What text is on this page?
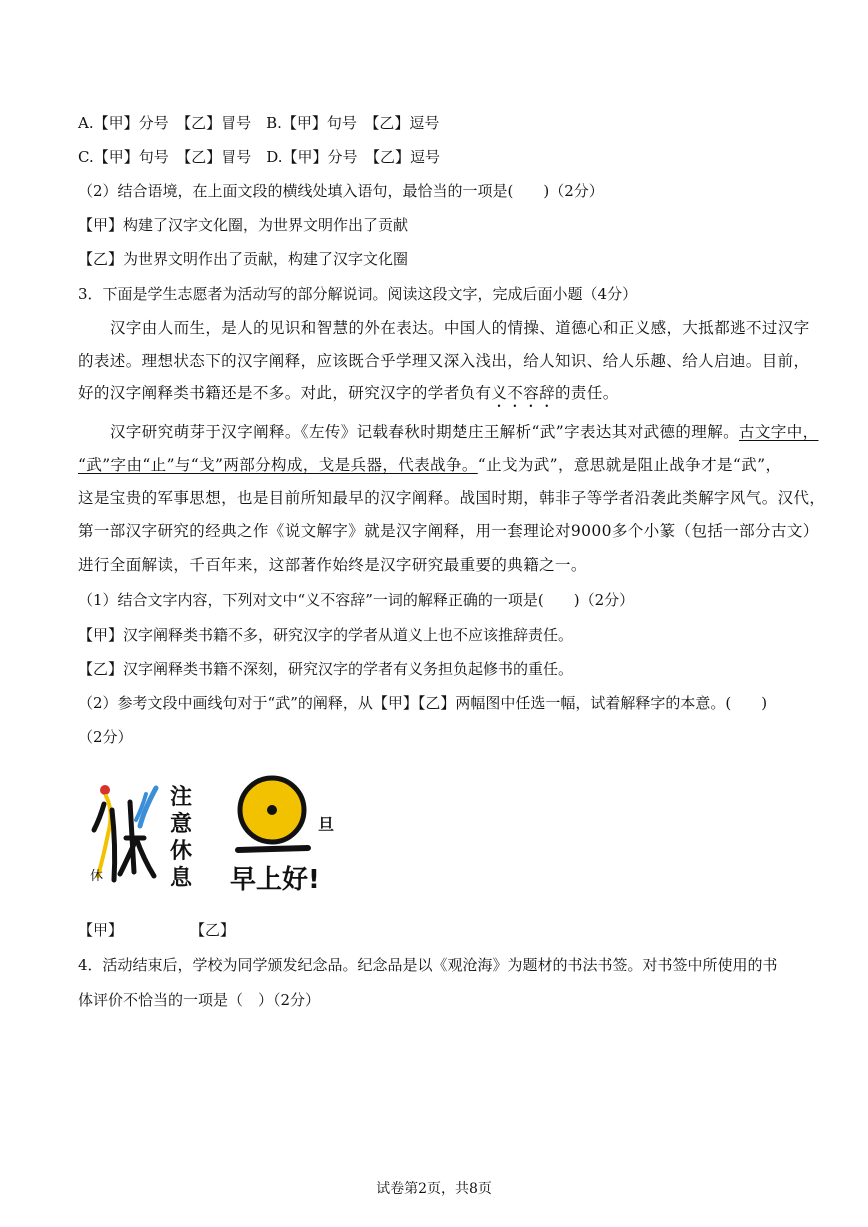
A.【甲】分号　【乙】冒号　B.【甲】句号　【乙】逗号
C.【甲】句号　【乙】冒号　D.【甲】分号　【乙】逗号
（2）结合语境，在上面文段的横线处填入语句，最恰当的一项是(　　)（2分）
【甲】构建了汉字文化圈，为世界文明作出了贡献
【乙】为世界文明作出了贡献，构建了汉字文化圈
3．下面是学生志愿者为活动写的部分解说词。阅读这段文字，完成后面小题（4分）
汉字由人而生，是人的见识和智慧的外在表达。中国人的情操、道德心和正义感，大抵都逃不过汉字
的表述。理想状态下的汉字阐释，应该既合乎学理又深入浅出，给人知识、给人乐趣、给人启迪。目前，
好的汉字阐释类书籍还是不多。对此，研究汉字的学者负有义不容辞的责任。
汉字研究萌芽于汉字阐释。《左传》记载春秋时期楚庄王解析“武”字表达其对武德的理解。古文字中，
“武”字由“止”与“戈”两部分构成，戈是兵器，代表战争。“止戈为武”，意思就是阻止战争才是“武”，
这是宝贵的军事思想，也是目前所知最早的汉字阐释。战国时期，韩非子等学者沿袭此类解字风气。汉代，
第一部汉字研究的经典之作《说文解字》就是汉字阐释，用一套理论对9000多个小篆（包括一部分古文）
进行全面解读，千百年来，这部著作始终是汉字研究最重要的典籍之一。
（1）结合文字内容，下列对文中“义不容辞”一词的解释正确的一项是(　　)（2分）
【甲】汉字阐释类书籍不多，研究汉字的学者从道义上也不应该推辞责任。
【乙】汉字阐释类书籍不深刻，研究汉字的学者有义务担负起修书的重任。
（2）参考文段中画线句对于“武”的阐释，从【甲】【乙】两幅图中任选一幅，试着解释字的本意。(　　)
（2分）
休
注
意
休
息
旦
早上好!
【甲】	【乙】
4．活动结束后，学校为同学颁发纪念品。纪念品是以《观沧海》为题材的书法书签。对书签中所使用的书
体评价不恰当的一项是（　）（2分）
试卷第2页，共8页
